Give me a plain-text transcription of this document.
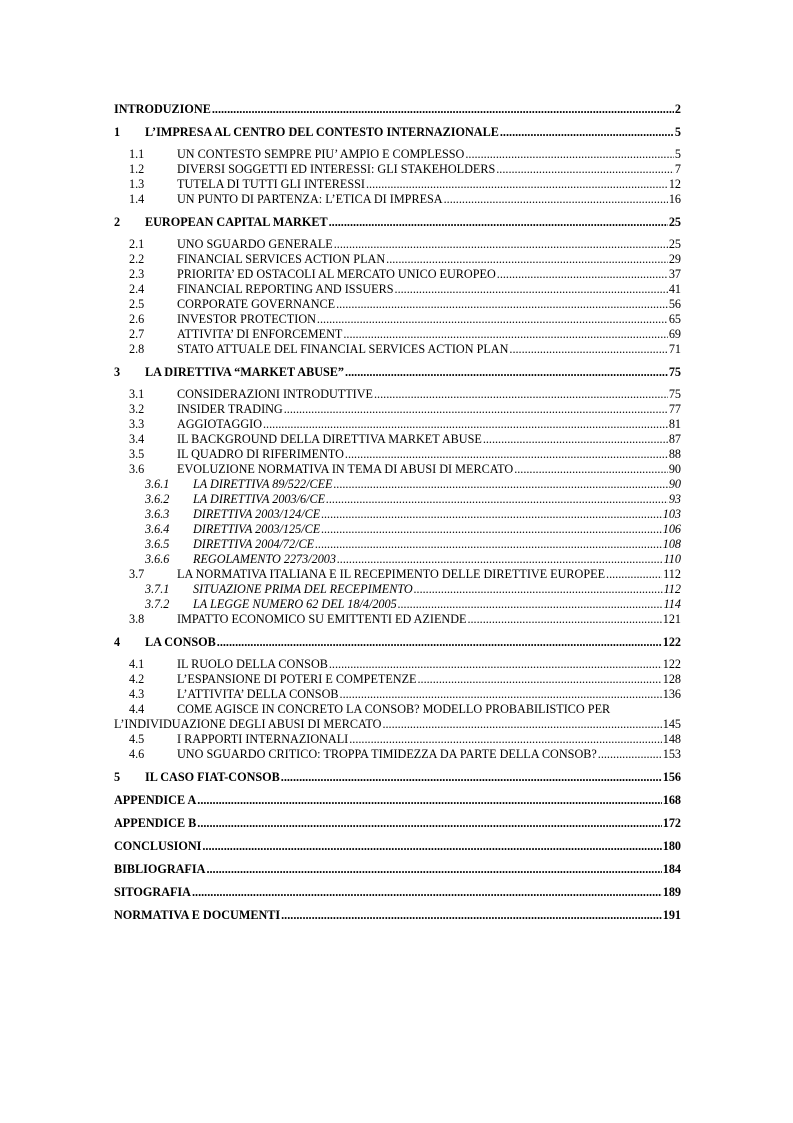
INTRODUZIONE .....	2
1	L’IMPRESA AL CENTRO DEL CONTESTO INTERNAZIONALE .....	5
1.1	UN CONTESTO SEMPRE PIU’ AMPIO E COMPLESSO .....	5
1.2	DIVERSI SOGGETTI ED INTERESSI: GLI STAKEHOLDERS .....	7
1.3	TUTELA DI TUTTI GLI INTERESSI .....	12
1.4	UN PUNTO DI PARTENZA: L’ETICA DI IMPRESA .....	16
2	EUROPEAN CAPITAL MARKET .....	25
2.1	UNO SGUARDO GENERALE .....	25
2.2	FINANCIAL SERVICES ACTION PLAN .....	29
2.3	PRIORITA’ ED OSTACOLI AL MERCATO UNICO EUROPEO .....	37
2.4	FINANCIAL REPORTING AND ISSUERS .....	41
2.5	CORPORATE GOVERNANCE .....	56
2.6	INVESTOR PROTECTION .....	65
2.7	ATTIVITA’ DI ENFORCEMENT .....	69
2.8	STATO ATTUALE DEL FINANCIAL SERVICES ACTION PLAN .....	71
3	LA DIRETTIVA “MARKET ABUSE” .....	75
3.1	CONSIDERAZIONI INTRODUTTIVE .....	75
3.2	INSIDER TRADING .....	77
3.3	AGGIOTAGGIO .....	81
3.4	IL BACKGROUND DELLA DIRETTIVA MARKET ABUSE .....	87
3.5	IL QUADRO DI RIFERIMENTO .....	88
3.6	EVOLUZIONE NORMATIVA IN TEMA DI ABUSI DI MERCATO .....	90
3.6.1	LA DIRETTIVA 89/522/CEE .....	90
3.6.2	LA DIRETTIVA 2003/6/CE .....	93
3.6.3	DIRETTIVA 2003/124/CE .....	103
3.6.4	DIRETTIVA 2003/125/CE .....	106
3.6.5	DIRETTIVA 2004/72/CE .....	108
3.6.6	REGOLAMENTO 2273/2003 .....	110
3.7	LA NORMATIVA ITALIANA E IL RECEPIMENTO DELLE DIRETTIVE EUROPEE .....	112
3.7.1	SITUAZIONE PRIMA DEL RECEPIMENTO .....	112
3.7.2	LA LEGGE NUMERO 62 DEL 18/4/2005 .....	114
3.8	IMPATTO ECONOMICO SU EMITTENTI ED AZIENDE .....	121
4	LA CONSOB .....	122
4.1	IL RUOLO DELLA CONSOB .....	122
4.2	L’ESPANSIONE DI POTERI E COMPETENZE .....	128
4.3	L’ATTIVITA’ DELLA CONSOB .....	136
4.4	COME AGISCE IN CONCRETO LA CONSOB? MODELLO PROBABILISTICO PER
L’INDIVIDUAZIONE DEGLI ABUSI DI MERCATO .....	145
4.5	I RAPPORTI INTERNAZIONALI .....	148
4.6	UNO SGUARDO CRITICO: TROPPA TIMIDEZZA DA PARTE DELLA CONSOB? .....	153
5	IL CASO FIAT-CONSOB .....	156
APPENDICE A .....	168
APPENDICE B .....	172
CONCLUSIONI .....	180
BIBLIOGRAFIA .....	184
SITOGRAFIA .....	189
NORMATIVA E DOCUMENTI .....	191
